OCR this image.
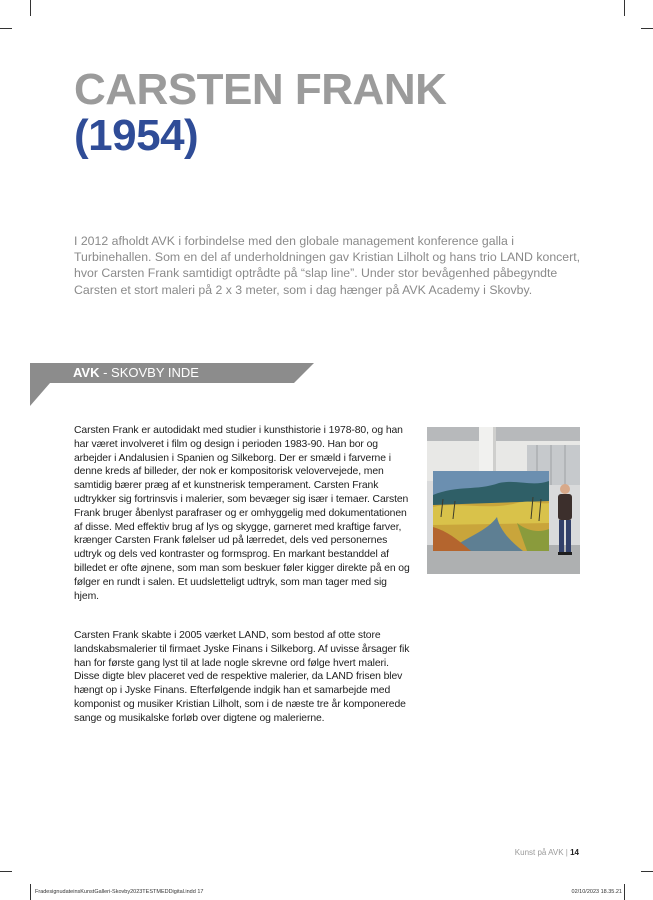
CARSTEN FRANK
(1954)

I 2012 afholdt AVK i forbindelse med den globale management konference galla i Turbinehallen. Som en del af underholdningen gav Kristian Lilholt og hans trio LAND koncert, hvor Carsten Frank samtidigt optrådte på “slap line”. Under stor bevågenhed påbegyndte Carsten et stort maleri på 2 x 3 meter, som i dag hænger på AVK Academy i Skovby.

AVK - SKOVBY INDE

Carsten Frank er autodidakt med studier i kunsthistorie i 1978-80, og han har været involveret i film og design i perioden 1983-90. Han bor og arbejder i Andalusien i Spanien og Silkeborg. Der er smæld i farverne i denne kreds af billeder, der nok er kompositorisk velovervejede, men samtidig bærer præg af et kunstnerisk temperament. Carsten Frank udtrykker sig fortrinsvis i malerier, som bevæger sig især i temaer. Carsten Frank bruger åbenlyst parafraser og er omhyggelig med dokumentationen af disse. Med effektiv brug af lys og skygge, garneret med kraftige farver, krænger Carsten Frank følelser ud på lærredet, dels ved personernes udtryk og dels ved kontraster og formsprog. En markant bestanddel af billedet er ofte øjnene, som man som beskuer føler kigger direkte på en og følger en rundt i salen. Et uudsletteligt udtryk, som man tager med sig hjem.

Carsten Frank skabte i 2005 værket LAND, som bestod af otte store landskabsmalerier til firmaet Jyske Finans i Silkeborg. Af uvisse årsager fik han for første gang lyst til at lade nogle skrevne ord følge hvert maleri. Disse digte blev placeret ved de respektive malerier, da LAND frisen blev hængt op i Jyske Finans. Efterfølgende indgik han et samarbejde med komponist og musiker Kristian Lilholt, som i de næste tre år komponerede sange og musikalske forløb over digtene og malerierne.

Kunst på AVK | 14
FradesignudateinsKunstGalleri-Skovby2023TESTMEDDigital.indd 17	02/10/2023 18.35.21
